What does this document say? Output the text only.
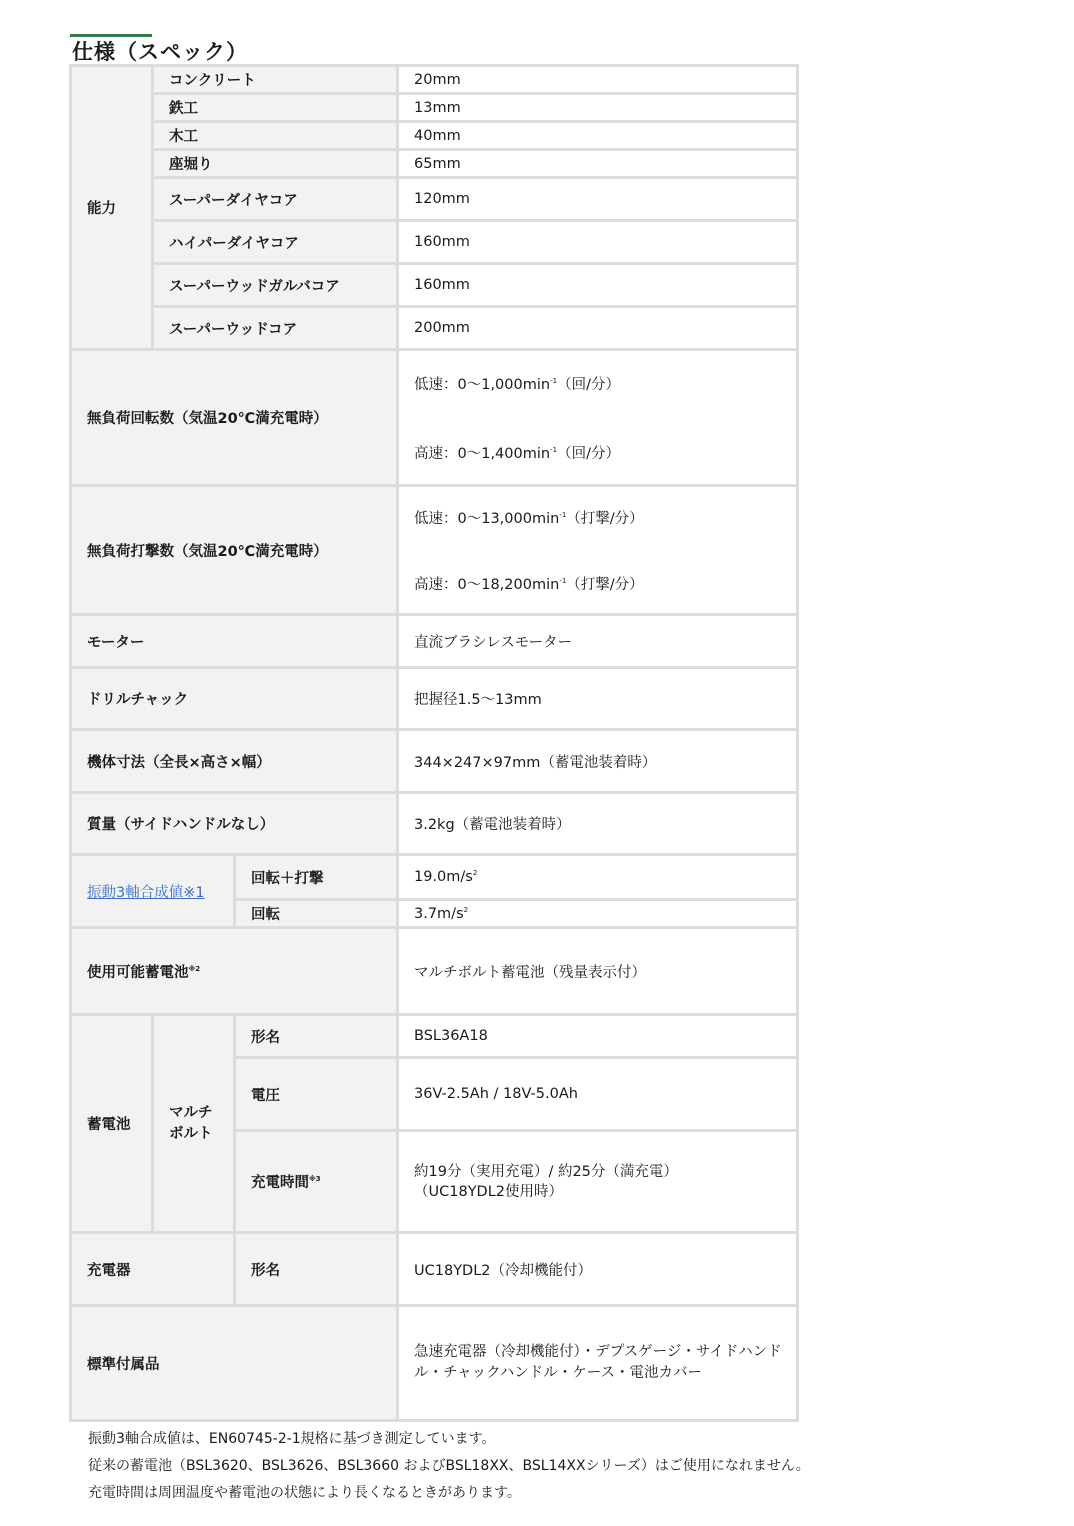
仕様（スペック）
能力	コンクリート		20mm
	鉄工		13mm
	木工		40mm
	座堀り		65mm
	スーパーダイヤコア		120mm
	ハイパーダイヤコア		160mm
	スーパーウッドガルバコア		160mm
	スーパーウッドコア		200mm
無負荷回転数（気温20℃満充電時）			低速：0〜$1,000\min^{-1}$（回/分）
高速：0〜$1,400\min^{-1}$（回/分）

無負荷打撃数（気温20℃満充電時）			低速：0〜$13,000\min^{-1}$（打撃/分）
高速：0〜$18,200\min^{-1}$（打撃/分）

モーター			直流ブラシレスモーター
ドリルチャック			把握径1.5〜13mm
機体寸法（全長×高さ×幅）			344×247×97mm（蓄電池装着時）
質量（サイドハンドルなし）			3.2kg（蓄電池装着時）
振動3軸合成値※1		回転＋打撃	$19.0m/s^2$
		回転	$3.7m/s^2$
使用可能蓄電池$^{※2}$			マルチボルト蓄電池（残量表示付）
蓄電池	マルチボルト	形名	BSL36A18
		電圧	36V-2.5Ah / 18V-5.0Ah
		充電時間$^{※3}$	約19分（実用充電）/ 約25分（満充電）
（UC18YDL2使用時）

充電器		形名	UC18YDL2（冷却機能付）
標準付属品			急速充電器（冷却機能付）・デプスゲージ・サイドハンドル・チャックハンドル・ケース・電池カバー
振動3軸合成値は、EN60745-2-1規格に基づき測定しています。
従来の蓄電池（BSL3620、BSL3626、BSL3660 およびBSL18XX、BSL14XXシリーズ）はご使用になれません。
充電時間は周囲温度や蓄電池の状態により長くなるときがあります。
